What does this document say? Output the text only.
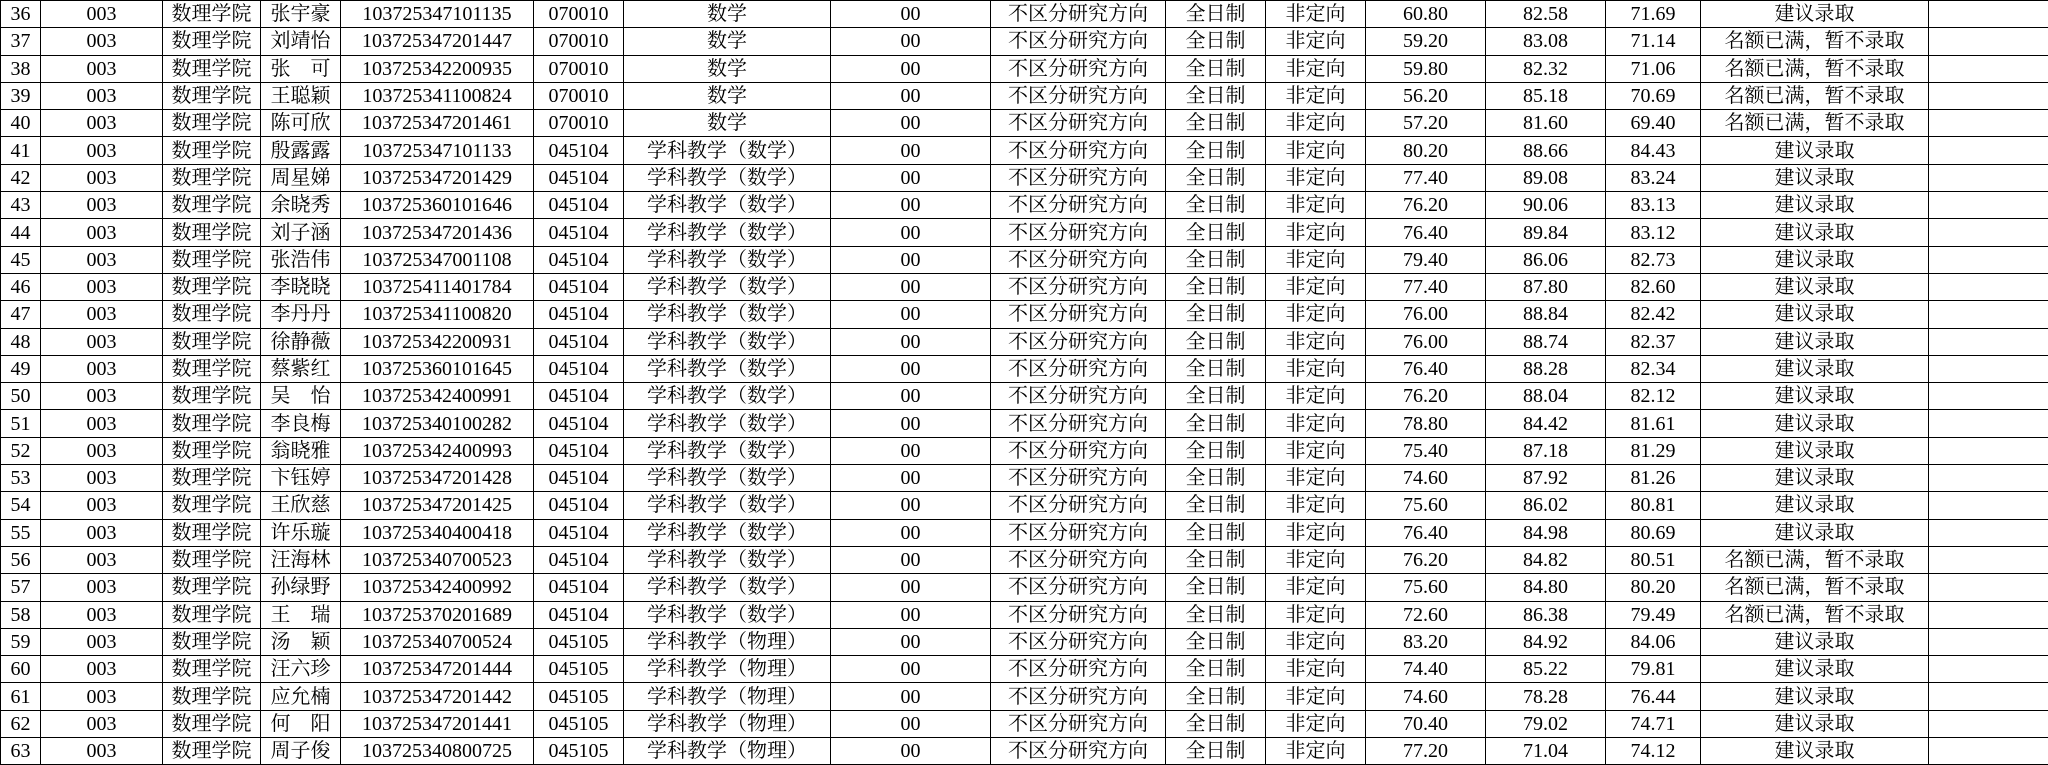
36	003	数理学院	张宇豪	103725347101135	070010	数学	00	不区分研究方向	全日制	非定向	60.80	82.58	71.69	建议录取	
37	003	数理学院	刘靖怡	103725347201447	070010	数学	00	不区分研究方向	全日制	非定向	59.20	83.08	71.14	名额已满，暂不录取	
38	003	数理学院	张　可	103725342200935	070010	数学	00	不区分研究方向	全日制	非定向	59.80	82.32	71.06	名额已满，暂不录取	
39	003	数理学院	王聪颖	103725341100824	070010	数学	00	不区分研究方向	全日制	非定向	56.20	85.18	70.69	名额已满，暂不录取	
40	003	数理学院	陈可欣	103725347201461	070010	数学	00	不区分研究方向	全日制	非定向	57.20	81.60	69.40	名额已满，暂不录取	
41	003	数理学院	殷露露	103725347101133	045104	学科教学（数学）	00	不区分研究方向	全日制	非定向	80.20	88.66	84.43	建议录取	
42	003	数理学院	周星娣	103725347201429	045104	学科教学（数学）	00	不区分研究方向	全日制	非定向	77.40	89.08	83.24	建议录取	
43	003	数理学院	余晓秀	103725360101646	045104	学科教学（数学）	00	不区分研究方向	全日制	非定向	76.20	90.06	83.13	建议录取	
44	003	数理学院	刘子涵	103725347201436	045104	学科教学（数学）	00	不区分研究方向	全日制	非定向	76.40	89.84	83.12	建议录取	
45	003	数理学院	张浩伟	103725347001108	045104	学科教学（数学）	00	不区分研究方向	全日制	非定向	79.40	86.06	82.73	建议录取	
46	003	数理学院	李晓晓	103725411401784	045104	学科教学（数学）	00	不区分研究方向	全日制	非定向	77.40	87.80	82.60	建议录取	
47	003	数理学院	李丹丹	103725341100820	045104	学科教学（数学）	00	不区分研究方向	全日制	非定向	76.00	88.84	82.42	建议录取	
48	003	数理学院	徐静薇	103725342200931	045104	学科教学（数学）	00	不区分研究方向	全日制	非定向	76.00	88.74	82.37	建议录取	
49	003	数理学院	蔡紫红	103725360101645	045104	学科教学（数学）	00	不区分研究方向	全日制	非定向	76.40	88.28	82.34	建议录取	
50	003	数理学院	吴　怡	103725342400991	045104	学科教学（数学）	00	不区分研究方向	全日制	非定向	76.20	88.04	82.12	建议录取	
51	003	数理学院	李良梅	103725340100282	045104	学科教学（数学）	00	不区分研究方向	全日制	非定向	78.80	84.42	81.61	建议录取	
52	003	数理学院	翁晓雅	103725342400993	045104	学科教学（数学）	00	不区分研究方向	全日制	非定向	75.40	87.18	81.29	建议录取	
53	003	数理学院	卞钰婷	103725347201428	045104	学科教学（数学）	00	不区分研究方向	全日制	非定向	74.60	87.92	81.26	建议录取	
54	003	数理学院	王欣慈	103725347201425	045104	学科教学（数学）	00	不区分研究方向	全日制	非定向	75.60	86.02	80.81	建议录取	
55	003	数理学院	许乐璇	103725340400418	045104	学科教学（数学）	00	不区分研究方向	全日制	非定向	76.40	84.98	80.69	建议录取	
56	003	数理学院	汪海林	103725340700523	045104	学科教学（数学）	00	不区分研究方向	全日制	非定向	76.20	84.82	80.51	名额已满，暂不录取	
57	003	数理学院	孙绿野	103725342400992	045104	学科教学（数学）	00	不区分研究方向	全日制	非定向	75.60	84.80	80.20	名额已满，暂不录取	
58	003	数理学院	王　瑞	103725370201689	045104	学科教学（数学）	00	不区分研究方向	全日制	非定向	72.60	86.38	79.49	名额已满，暂不录取	
59	003	数理学院	汤　颖	103725340700524	045105	学科教学（物理）	00	不区分研究方向	全日制	非定向	83.20	84.92	84.06	建议录取	
60	003	数理学院	汪六珍	103725347201444	045105	学科教学（物理）	00	不区分研究方向	全日制	非定向	74.40	85.22	79.81	建议录取	
61	003	数理学院	应允楠	103725347201442	045105	学科教学（物理）	00	不区分研究方向	全日制	非定向	74.60	78.28	76.44	建议录取	
62	003	数理学院	何　阳	103725347201441	045105	学科教学（物理）	00	不区分研究方向	全日制	非定向	70.40	79.02	74.71	建议录取	
63	003	数理学院	周子俊	103725340800725	045105	学科教学（物理）	00	不区分研究方向	全日制	非定向	77.20	71.04	74.12	建议录取	
